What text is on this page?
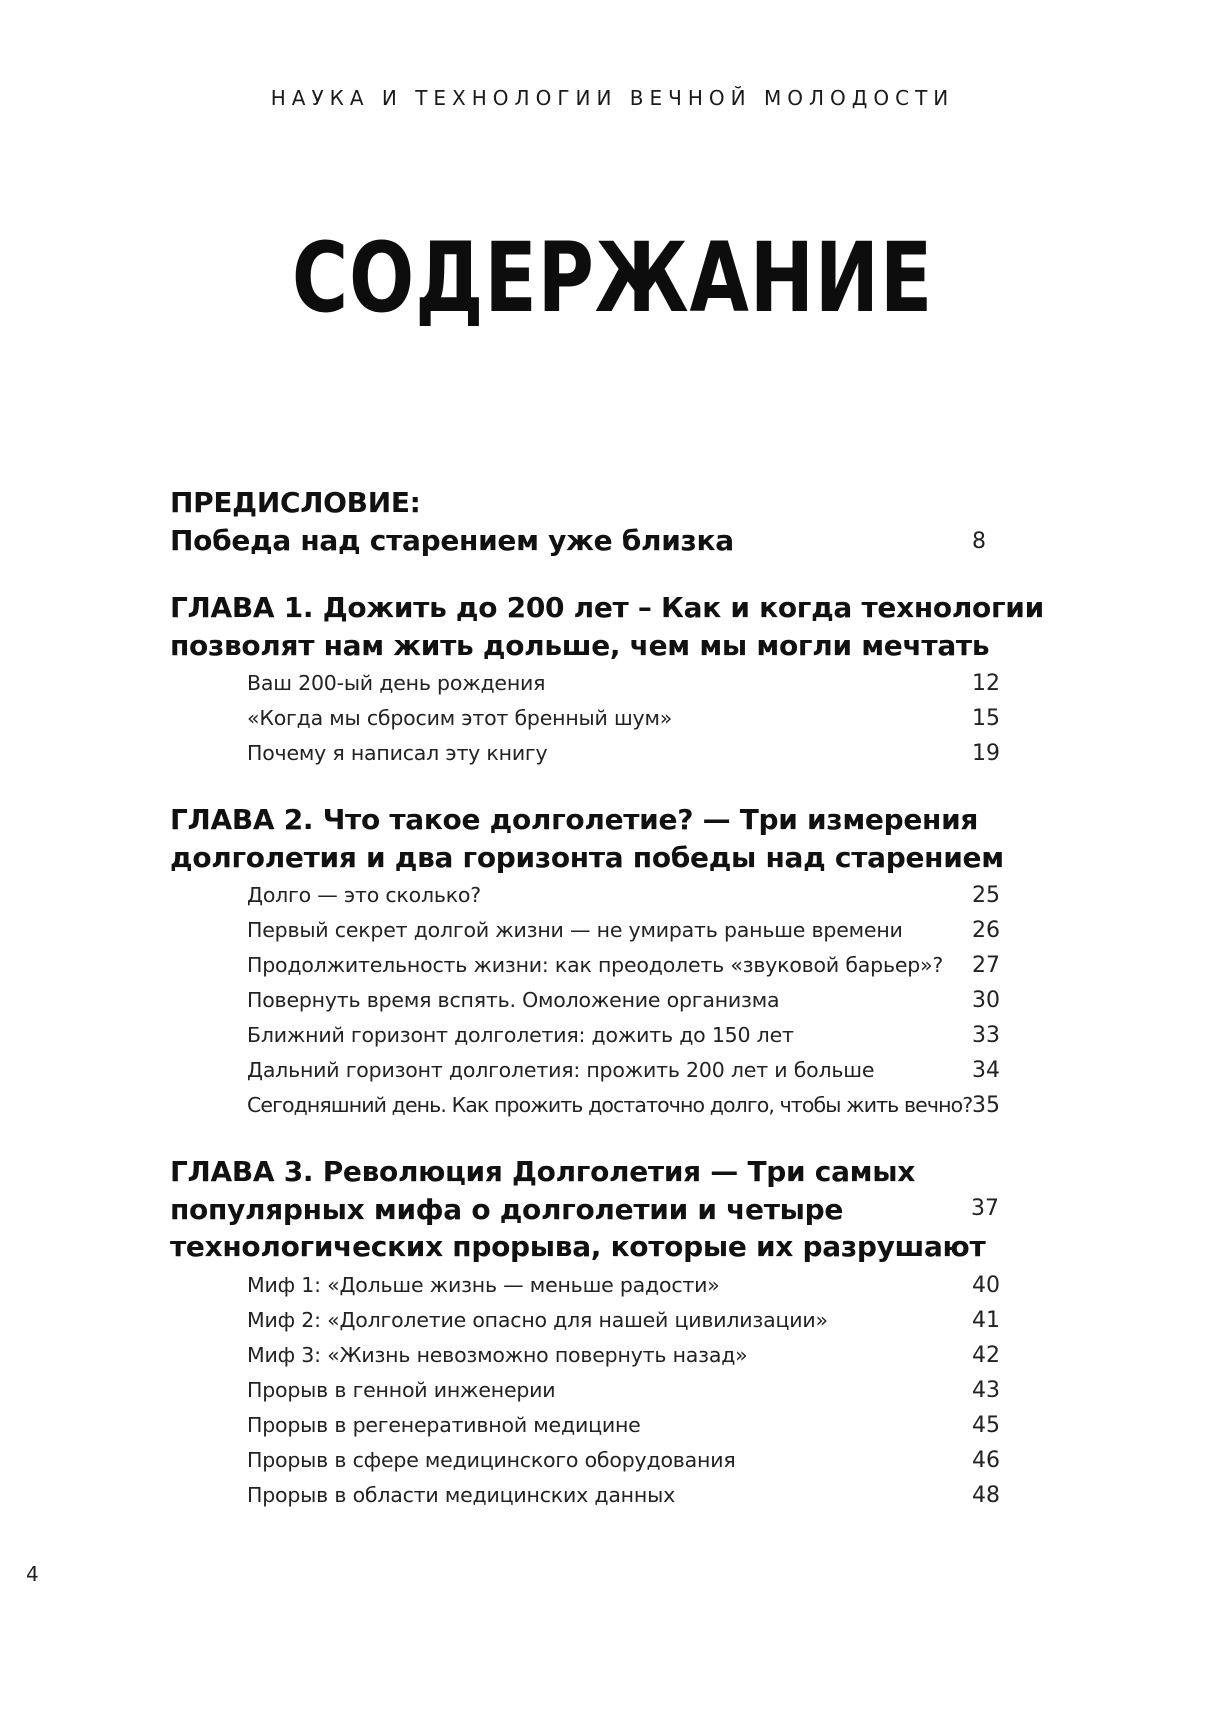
НАУКА И ТЕХНОЛОГИИ ВЕЧНОЙ МОЛОДОСТИ
СОДЕРЖАНИЕ
ПРЕДИСЛОВИЕ:
Победа над старением уже близка	8
ГЛАВА 1. Дожить до 200 лет – Как и когда технологии
позволят нам жить дольше, чем мы могли мечтать
Ваш 200-ый день рождения	12
«Когда мы сбросим этот бренный шум»	15
Почему я написал эту книгу	19
ГЛАВА 2. Что такое долголетие? — Три измерения
долголетия и два горизонта победы над старением
Долго — это сколько?	25
Первый секрет долгой жизни — не умирать раньше времени	26
Продолжительность жизни: как преодолеть «звуковой барьер»? 27
Повернуть время вспять. Омоложение организма	30
Ближний горизонт долголетия: дожить до 150 лет	33
Дальний горизонт долголетия: прожить 200 лет и больше	34
Сегодняшний день. Как прожить достаточно долго, чтобы жить вечно? 35
ГЛАВА 3. Революция Долголетия — Три самых
популярных мифа о долголетии и четыре
технологических прорыва, которые их разрушают
37
Миф 1: «Дольше жизнь — меньше радости»	40
Миф 2: «Долголетие опасно для нашей цивилизации»	41
Миф 3: «Жизнь невозможно повернуть назад»	42
Прорыв в генной инженерии	43
Прорыв в регенеративной медицине	45
Прорыв в сфере медицинского оборудования	46
Прорыв в области медицинских данных	48
4
